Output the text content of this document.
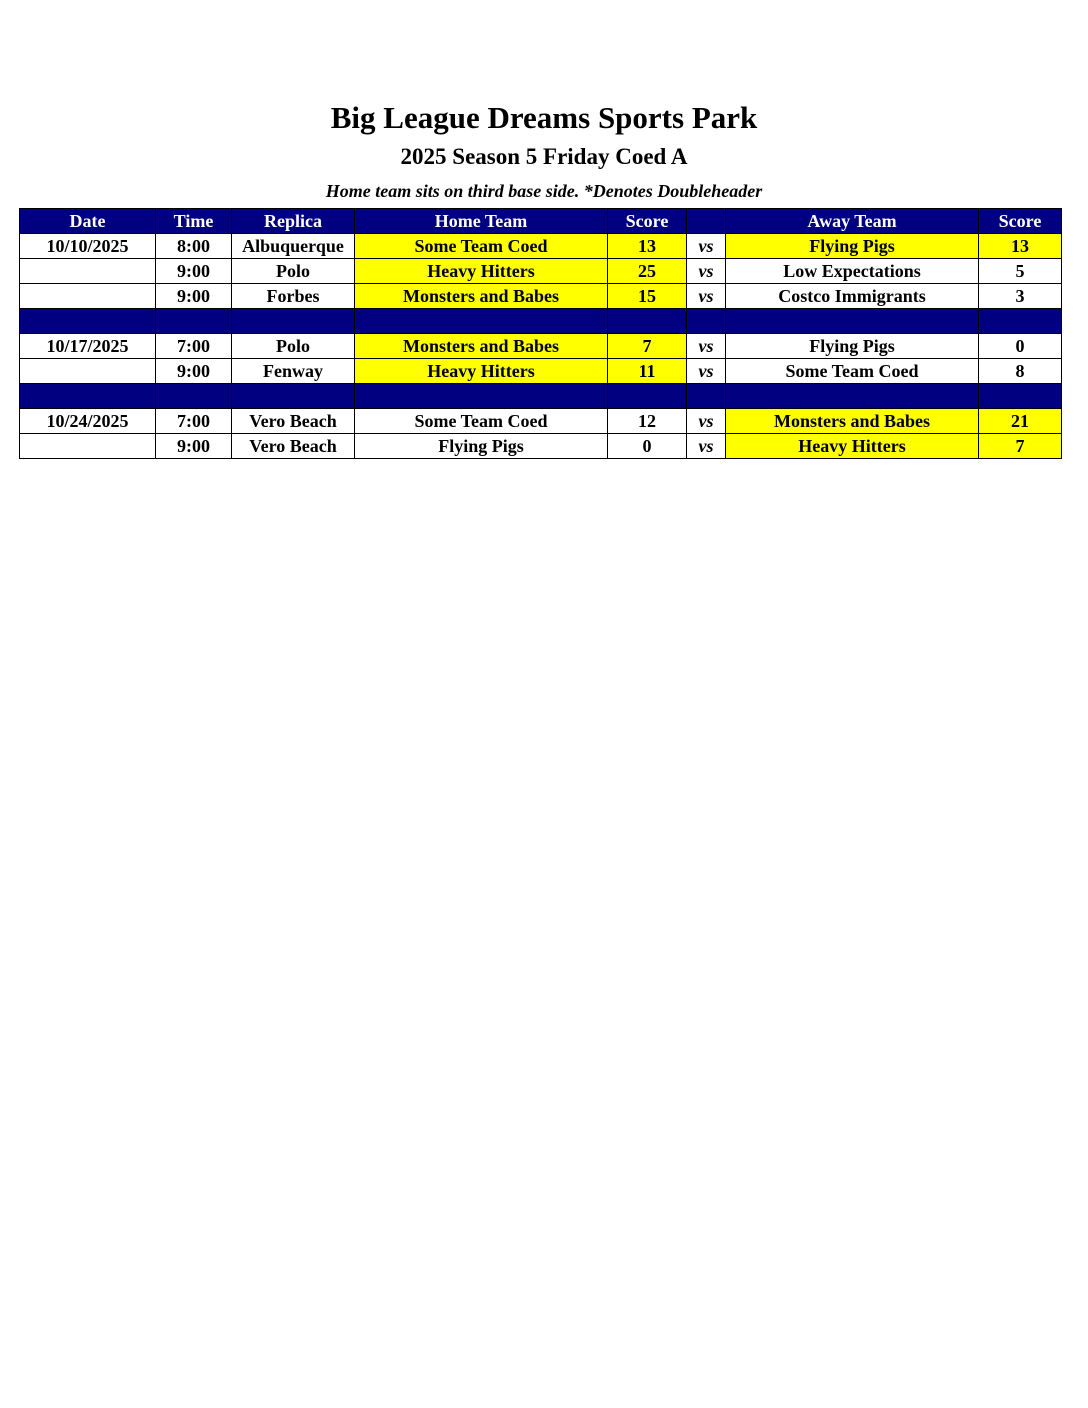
Big League Dreams Sports Park
2025 Season 5 Friday Coed A
Home team sits on third base side. *Denotes Doubleheader
Date	Time	Replica	Home Team	Score		Away Team	Score
10/10/2025	8:00	Albuquerque	Some Team Coed	13	vs	Flying Pigs	13
	9:00	Polo	Heavy Hitters	25	vs	Low Expectations	5
	9:00	Forbes	Monsters and Babes	15	vs	Costco Immigrants	3

10/17/2025	7:00	Polo	Monsters and Babes	7	vs	Flying Pigs	0
	9:00	Fenway	Heavy Hitters	11	vs	Some Team Coed	8

10/24/2025	7:00	Vero Beach	Some Team Coed	12	vs	Monsters and Babes	21
	9:00	Vero Beach	Flying Pigs	0	vs	Heavy Hitters	7
